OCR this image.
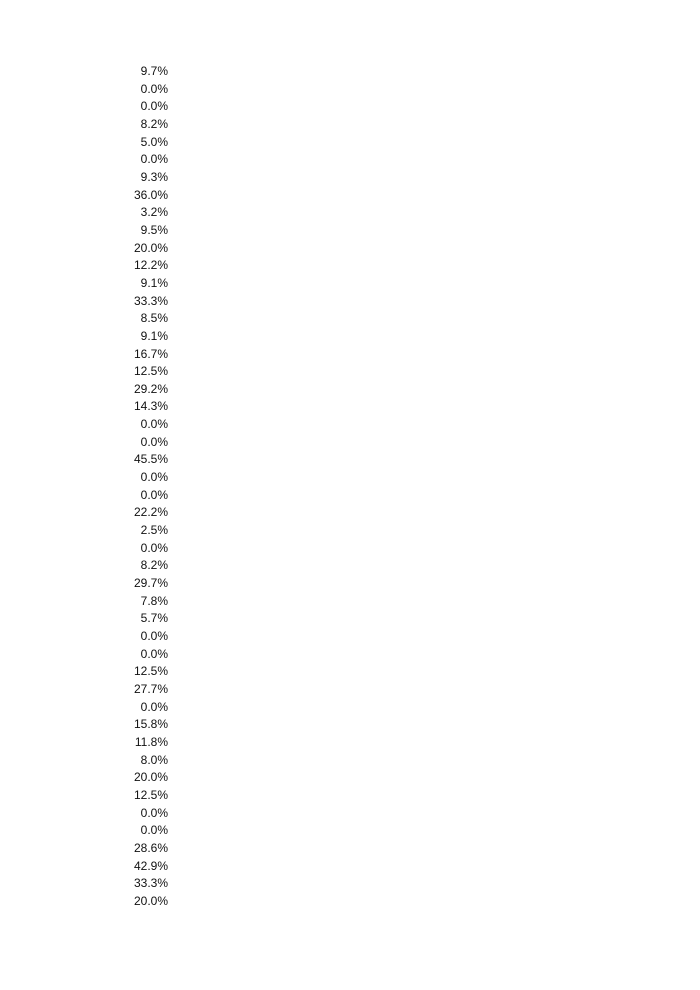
9.7%
0.0%
0.0%
8.2%
5.0%
0.0%
9.3%
36.0%
3.2%
9.5%
20.0%
12.2%
9.1%
33.3%
8.5%
9.1%
16.7%
12.5%
29.2%
14.3%
0.0%
0.0%
45.5%
0.0%
0.0%
22.2%
2.5%
0.0%
8.2%
29.7%
7.8%
5.7%
0.0%
0.0%
12.5%
27.7%
0.0%
15.8%
11.8%
8.0%
20.0%
12.5%
0.0%
0.0%
28.6%
42.9%
33.3%
20.0%
